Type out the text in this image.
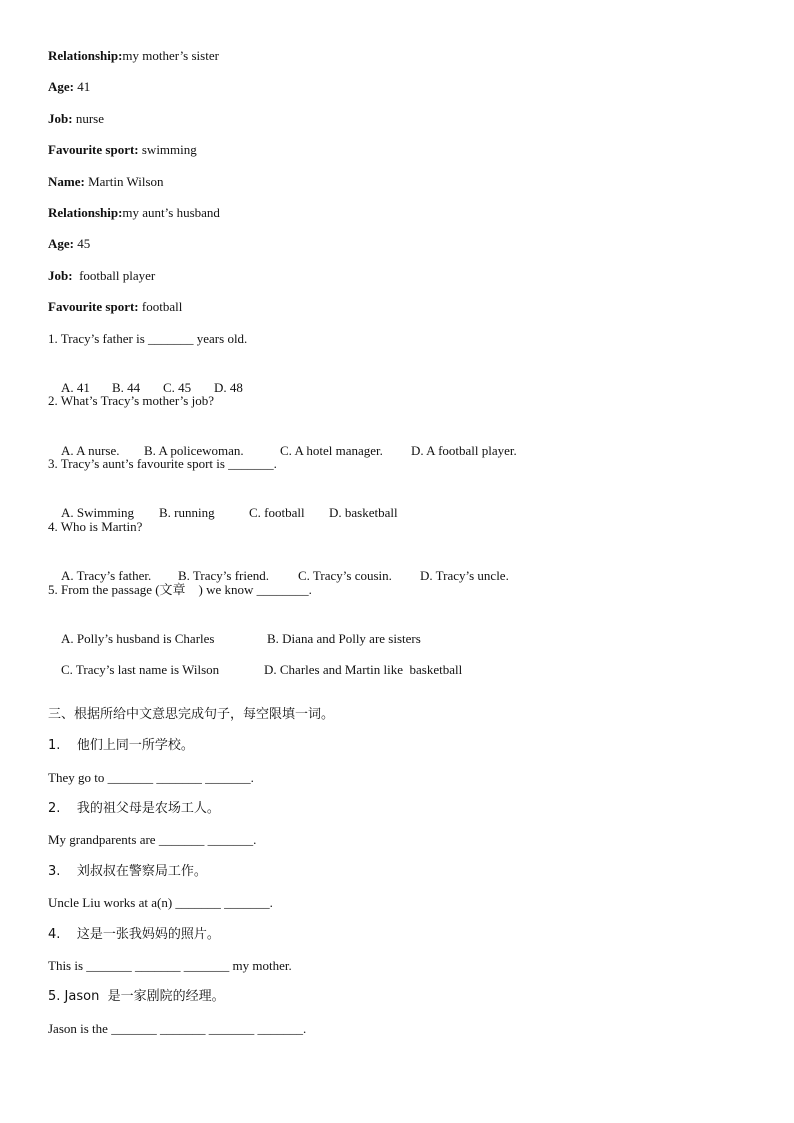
Relationship:my mother’s sister
Age: 41
Job: nurse
Favourite sport: swimming
Name: Martin Wilson
Relationship:my aunt’s husband
Age: 45
Job:  football player
Favourite sport: football
1. Tracy’s father is _______ years old.

A. 41 B. 44 C. 45 D. 48

2. What’s Tracy’s mother’s job?

A. A nurse. B. A policewoman.	C. A hotel manager. D. A football player.

3. Tracy’s aunt’s favourite sport is _______.

A. Swimming B. running	C. football D. basketball

4. Who is Martin?

A. Tracy’s father. B. Tracy’s friend. C. Tracy’s cousin. D. Tracy’s uncle.

5. From the passage (文章    ) we know ________.

A. Polly’s husband is Charles	B. Diana and Polly are sisters

C. Tracy’s last name is Wilson	D. Charles and Martin like  basketball

三、根据所给中文意思完成句子，每空限填一词。
1.    他们上同一所学校。
They go to _______ _______ _______.
2.    我的祖父母是农场工人。
My grandparents are _______ _______.
3.    刘叔叔在警察局工作。
Uncle Liu works at a(n) _______ _______.
4.    这是一张我妈妈的照片。
This is _______ _______ _______ my mother.
5. Jason  是一家剧院的经理。
Jason is the _______ _______ _______ _______.
